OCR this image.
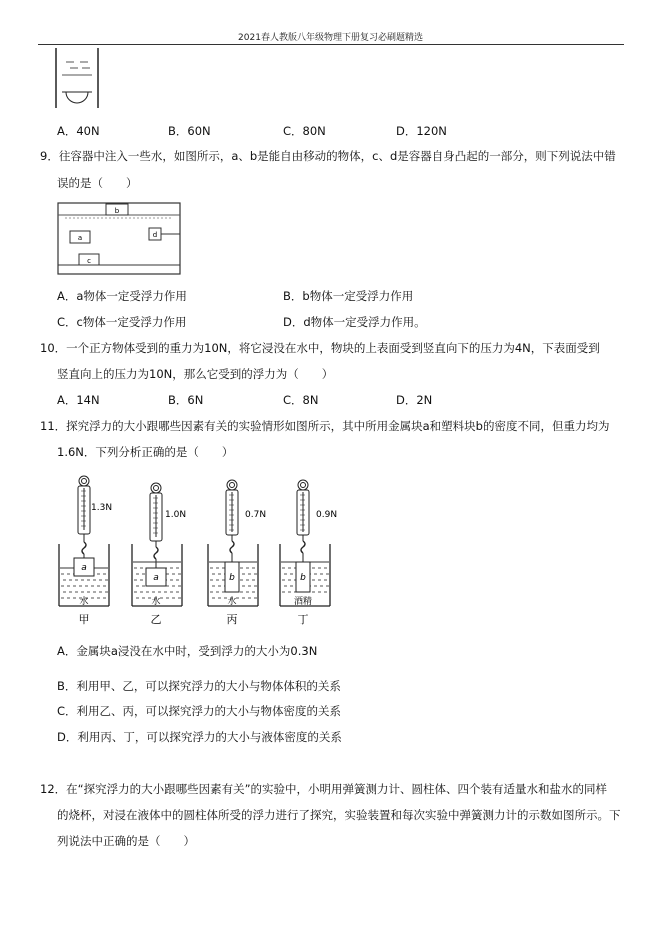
2021春人教版八年级物理下册复习必刷题精选
A．40N	B．60N	C．80N	D．120N
9．往容器中注入一些水，如图所示，a、b是能自由移动的物体，c、d是容器自身凸起的一部分，则下列说法中错
误的是（　　）
b
a	d
c
A．a物体一定受浮力作用	B．b物体一定受浮力作用
C．c物体一定受浮力作用	D．d物体一定受浮力作用。
10．一个正方物体受到的重力为10N，将它浸没在水中，物块的上表面受到竖直向下的压力为4N，下表面受到
竖直向上的压力为10N，那么它受到的浮力为（　　）
A．14N	B．6N	C．8N	D．2N
11．探究浮力的大小跟哪些因素有关的实验情形如图所示，其中所用金属块a和塑料块b的密度不同，但重力均为
1.6N．下列分析正确的是（　　）
1.3N
a
水
甲
1.0N
a
水
乙
0.7N
b
水
丙
0.9N
b
酒精
丁
A．金属块a浸没在水中时，受到浮力的大小为0.3N
B．利用甲、乙，可以探究浮力的大小与物体体积的关系
C．利用乙、丙，可以探究浮力的大小与物体密度的关系
D．利用丙、丁，可以探究浮力的大小与液体密度的关系
12．在“探究浮力的大小跟哪些因素有关”的实验中，小明用弹簧测力计、圆柱体、四个装有适量水和盐水的同样
的烧杯，对浸在液体中的圆柱体所受的浮力进行了探究，实验装置和每次实验中弹簧测力计的示数如图所示。下
列说法中正确的是（　　）
